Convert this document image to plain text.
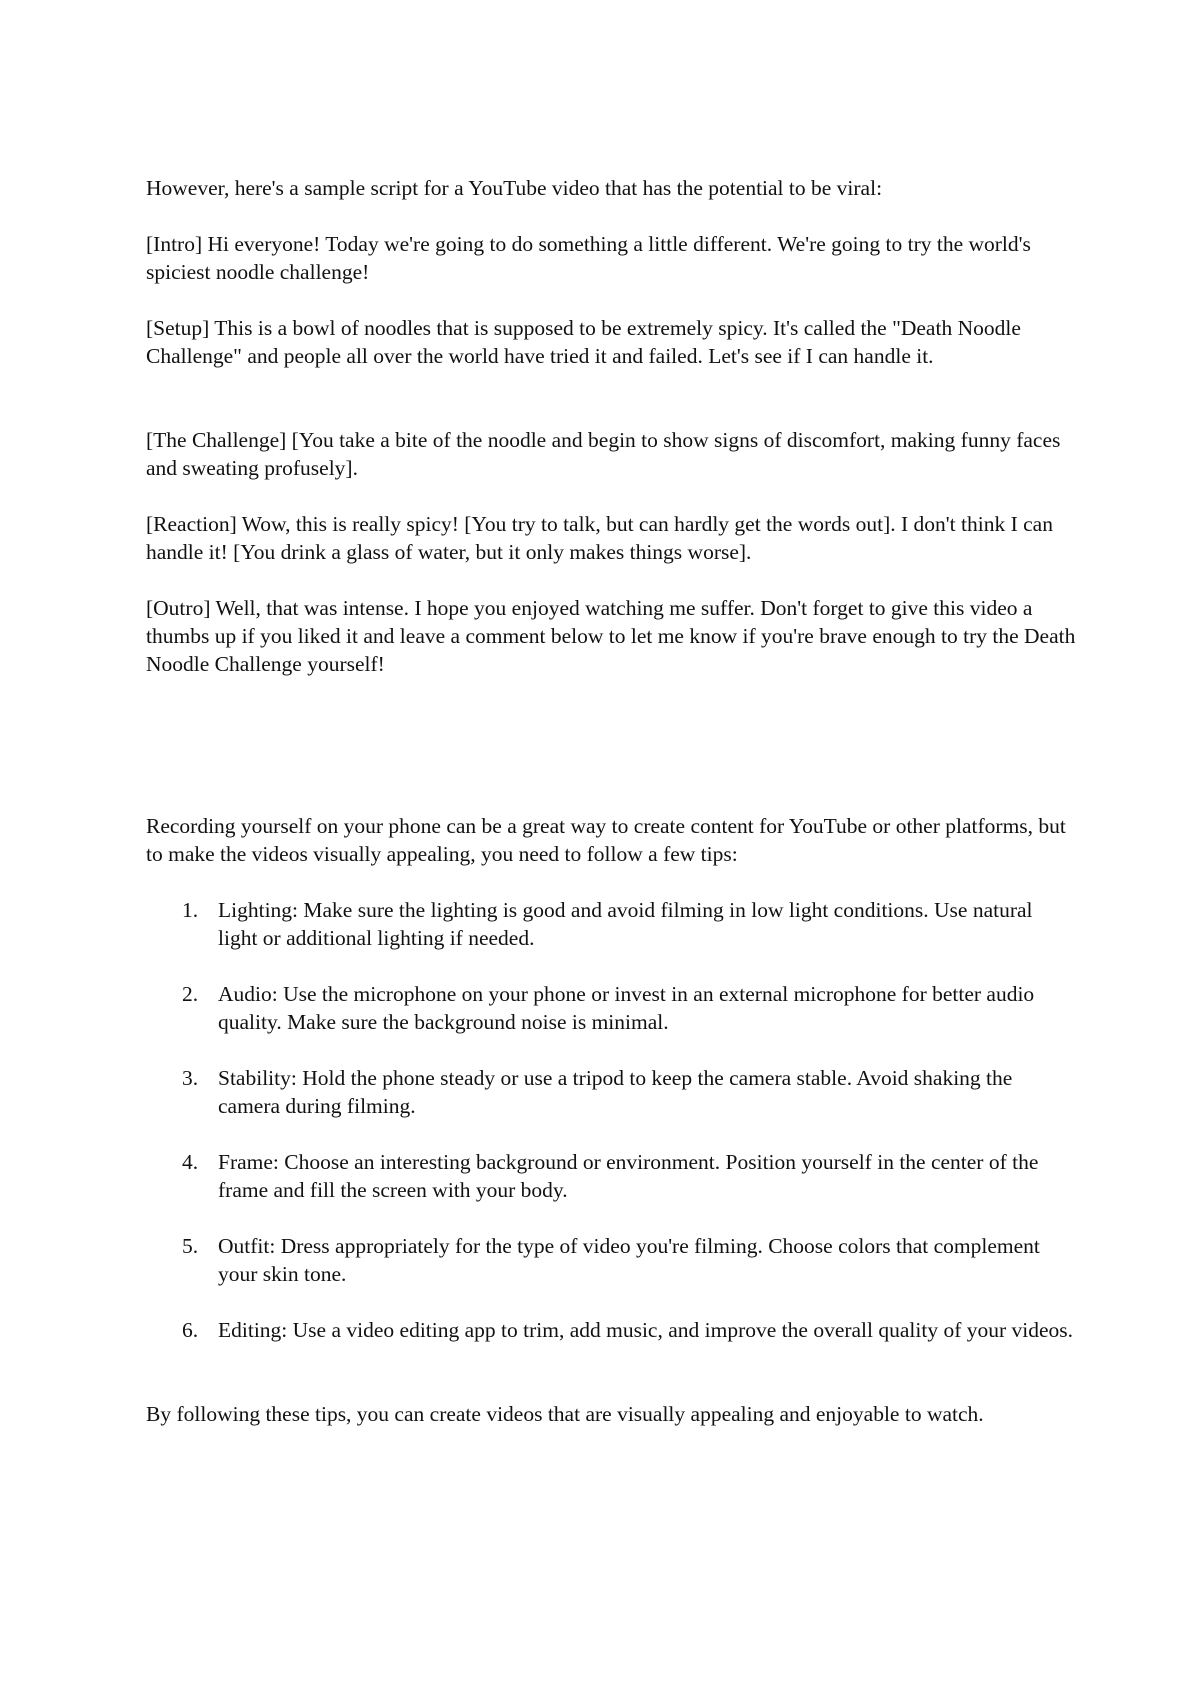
However, here's a sample script for a YouTube video that has the potential to be viral:

[Intro] Hi everyone! Today we're going to do something a little different. We're going to try the world's spiciest noodle challenge!

[Setup] This is a bowl of noodles that is supposed to be extremely spicy. It's called the "Death Noodle Challenge" and people all over the world have tried it and failed. Let's see if I can handle it.

[The Challenge] [You take a bite of the noodle and begin to show signs of discomfort, making funny faces and sweating profusely].

[Reaction] Wow, this is really spicy! [You try to talk, but can hardly get the words out]. I don't think I can handle it! [You drink a glass of water, but it only makes things worse].

[Outro] Well, that was intense. I hope you enjoyed watching me suffer. Don't forget to give this video a thumbs up if you liked it and leave a comment below to let me know if you're brave enough to try the Death Noodle Challenge yourself!

Recording yourself on your phone can be a great way to create content for YouTube or other platforms, but to make the videos visually appealing, you need to follow a few tips:

1. Lighting: Make sure the lighting is good and avoid filming in low light conditions. Use natural light or additional lighting if needed.
2. Audio: Use the microphone on your phone or invest in an external microphone for better audio quality. Make sure the background noise is minimal.
3. Stability: Hold the phone steady or use a tripod to keep the camera stable. Avoid shaking the camera during filming.
4. Frame: Choose an interesting background or environment. Position yourself in the center of the frame and fill the screen with your body.
5. Outfit: Dress appropriately for the type of video you're filming. Choose colors that complement your skin tone.
6. Editing: Use a video editing app to trim, add music, and improve the overall quality of your videos.

By following these tips, you can create videos that are visually appealing and enjoyable to watch.
